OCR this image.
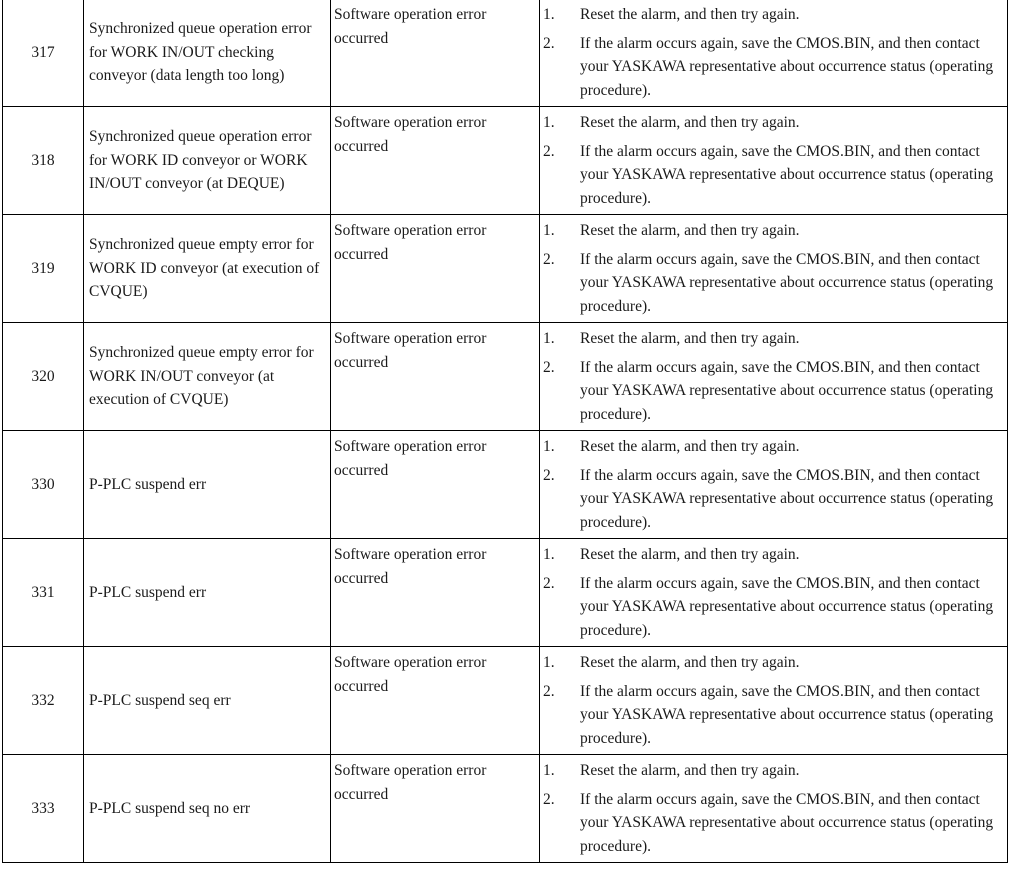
317	Synchronized queue operation error for WORK IN/OUT checking conveyor (data length too long)	Software operation error occurred	1. Reset the alarm, and then try again.
2. If the alarm occurs again, save the CMOS.BIN, and then contact your YASKAWA representative about occurrence status (operating procedure).

318	Synchronized queue operation error for WORK ID conveyor or WORK IN/OUT conveyor (at DEQUE)	Software operation error occurred	1. Reset the alarm, and then try again.
2. If the alarm occurs again, save the CMOS.BIN, and then contact your YASKAWA representative about occurrence status (operating procedure).

319	Synchronized queue empty error for WORK ID conveyor (at execution of CVQUE)	Software operation error occurred	1. Reset the alarm, and then try again.
2. If the alarm occurs again, save the CMOS.BIN, and then contact your YASKAWA representative about occurrence status (operating procedure).

320	Synchronized queue empty error for WORK IN/OUT conveyor (at execution of CVQUE)	Software operation error occurred	1. Reset the alarm, and then try again.
2. If the alarm occurs again, save the CMOS.BIN, and then contact your YASKAWA representative about occurrence status (operating procedure).

330	P-PLC suspend err	Software operation error occurred	1. Reset the alarm, and then try again.
2. If the alarm occurs again, save the CMOS.BIN, and then contact your YASKAWA representative about occurrence status (operating procedure).

331	P-PLC suspend err	Software operation error occurred	1. Reset the alarm, and then try again.
2. If the alarm occurs again, save the CMOS.BIN, and then contact your YASKAWA representative about occurrence status (operating procedure).

332	P-PLC suspend seq err	Software operation error occurred	1. Reset the alarm, and then try again.
2. If the alarm occurs again, save the CMOS.BIN, and then contact your YASKAWA representative about occurrence status (operating procedure).

333	P-PLC suspend seq no err	Software operation error occurred	1. Reset the alarm, and then try again.
2. If the alarm occurs again, save the CMOS.BIN, and then contact your YASKAWA representative about occurrence status (operating procedure).
